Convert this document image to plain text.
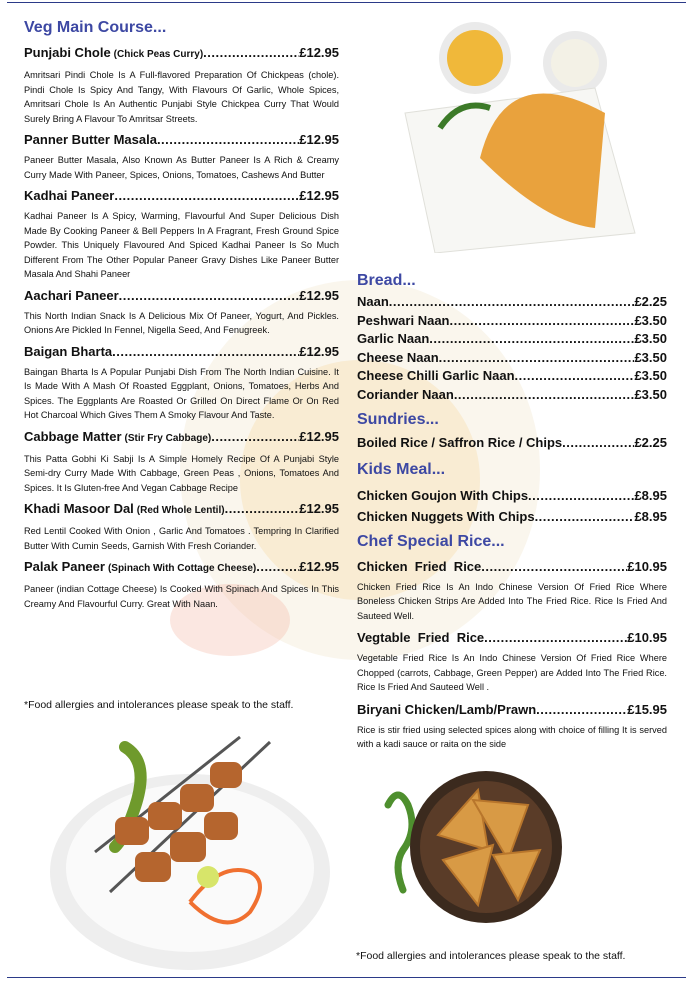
Veg Main Course...
Punjabi Chole (Chick Peas Curry) .....	£12.95

Amritsari Pindi Chole Is A Full-flavored Preparation Of Chickpeas (chole). Pindi Chole Is Spicy And Tangy, With Flavours Of Garlic, Whole Spices, Amritsari Chole Is An Authentic Punjabi Style Chickpea Curry That Would Surely Bring A Flavour To Amritsar Streets.

Panner Butter Masala .....	£12.95

Paneer Butter Masala, Also Known As Butter Paneer Is A Rich & Creamy Curry Made With Paneer, Spices, Onions, Tomatoes, Cashews And Butter

Kadhai Paneer .....	£12.95

Kadhai Paneer Is A Spicy, Warming, Flavourful And Super Delicious Dish Made By Cooking Paneer & Bell Peppers In A Fragrant, Fresh Ground Spice Powder. This Uniquely Flavoured And Spiced Kadhai Paneer Is So Much Different From The Other Popular Paneer Gravy Dishes Like Paneer Butter Masala And Shahi Paneer

Aachari Paneer .....	£12.95

This North Indian Snack Is A Delicious Mix Of Paneer, Yogurt, And Pickles. Onions Are Pickled In Fennel, Nigella Seed, And Fenugreek.

Baigan Bharta .....	£12.95

Baingan Bharta Is A Popular Punjabi Dish From The North Indian Cuisine. It Is Made With A Mash Of Roasted Eggplant, Onions, Tomatoes, Herbs And Spices. The Eggplants Are Roasted Or Grilled On Direct Flame Or On Red Hot Charcoal Which Gives Them A Smoky Flavour And Taste.

Cabbage Matter (Stir Fry Cabbage) .....	£12.95

This Patta Gobhi Ki Sabji Is A Simple Homely Recipe Of A Punjabi Style Semi-dry Curry Made With Cabbage, Green Peas , Onions, Tomatoes And Spices. It Is Gluten-free And Vegan Cabbage Recipe

Khadi Masoor Dal (Red Whole Lentil) .....	£12.95

Red Lentil Cooked With Onion , Garlic And Tomatoes . Tempring In Clarified Butter With Cumin Seeds, Garnish With Fresh Coriander.

Palak Paneer (Spinach With Cottage Cheese) .....	£12.95

Paneer (indian Cottage Cheese) Is Cooked With Spinach And Spices In This Creamy And Flavourful Curry. Great With Naan.

*Food allergies and intolerances please speak to the staff.
Bread...
Naan .....	£2.25
Peshwari Naan .....	£3.50
Garlic Naan .....	£3.50
Cheese Naan .....	£3.50
Cheese Chilli Garlic Naan .....	£3.50
Coriander Naan .....	£3.50
Sundries...
Boiled Rice / Saffron Rice / Chips .....	£2.25
Kids Meal...
Chicken Goujon With Chips .....	£8.95
Chicken Nuggets With Chips .....	£8.95
Chef Special Rice...
Chicken  Fried  Rice .....	£10.95

Chicken Fried Rice Is An Indo Chinese Version Of Fried Rice Where Boneless Chicken Strips Are Added Into The Fried Rice. Rice Is Fried And Sauteed Well.

Vegtable  Fried  Rice .....	£10.95

Vegetable Fried Rice Is An Indo Chinese Version Of Fried Rice Where Chopped (carrots, Cabbage, Green Pepper) are Added Into The Fried Rice. Rice Is Fried And Sauteed Well .

Biryani Chicken/Lamb/Prawn .....	£15.95

Rice is stir fried using selected spices along with choice of filling It is served with a kadi sauce or raita on the side

*Food allergies and intolerances please speak to the staff.
